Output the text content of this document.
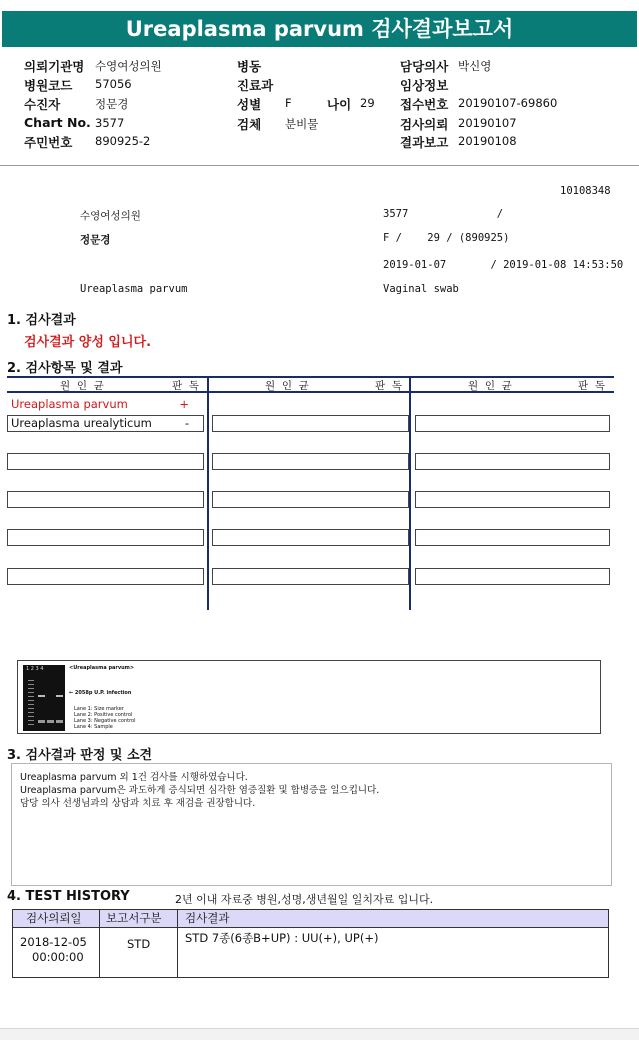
Ureaplasma parvum 검사결과보고서
의뢰기관명 수영여성의원
병원코드 57056
수진자	정문경
Chart No. 3577
주민번호 890925-2
병동
진료과
성별 F	나이 29
검체 분비물
담당의사 박신영
임상정보
접수번호 20190107-69860
검사의뢰 20190107
결과보고 20190108
10108348
수영여성의원	3577              /
정문경	F /    29 / (890925)
2019-01-07       / 2019-01-08 14:53:50
Ureaplasma parvum	Vaginal swab
1. 검사결과
검사결과 양성 입니다.
2. 검사항목 및 결과
원  인  균	판  독	원  인  균	판  독	원  인  균	판  독
Ureaplasma parvum	+
Ureaplasma urealyticum	-
1 2 3 4	<Ureaplasma parvum>
← 2058p U.P. infection
Lane 1: Size marker
Lane 2: Positive control
Lane 3: Negative control
Lane 4: Sample
3. 검사결과 판정 및 소견
Ureaplasma parvum 외 1건 검사를 시행하였습니다.
Ureaplasma parvum은 과도하게 증식되면 심각한 염증질환 및 합병증을 일으킵니다.
담당 의사 선생님과의 상담과 치료 후 재검을 권장합니다.
4. TEST HISTORY	2년 이내 자료중 병원,성명,생년월일 일치자료 입니다.
검사의뢰일 보고서구분 검사결과
2018-12-05
00:00:00
STD	STD 7종(6종B+UP) : UU(+), UP(+)
